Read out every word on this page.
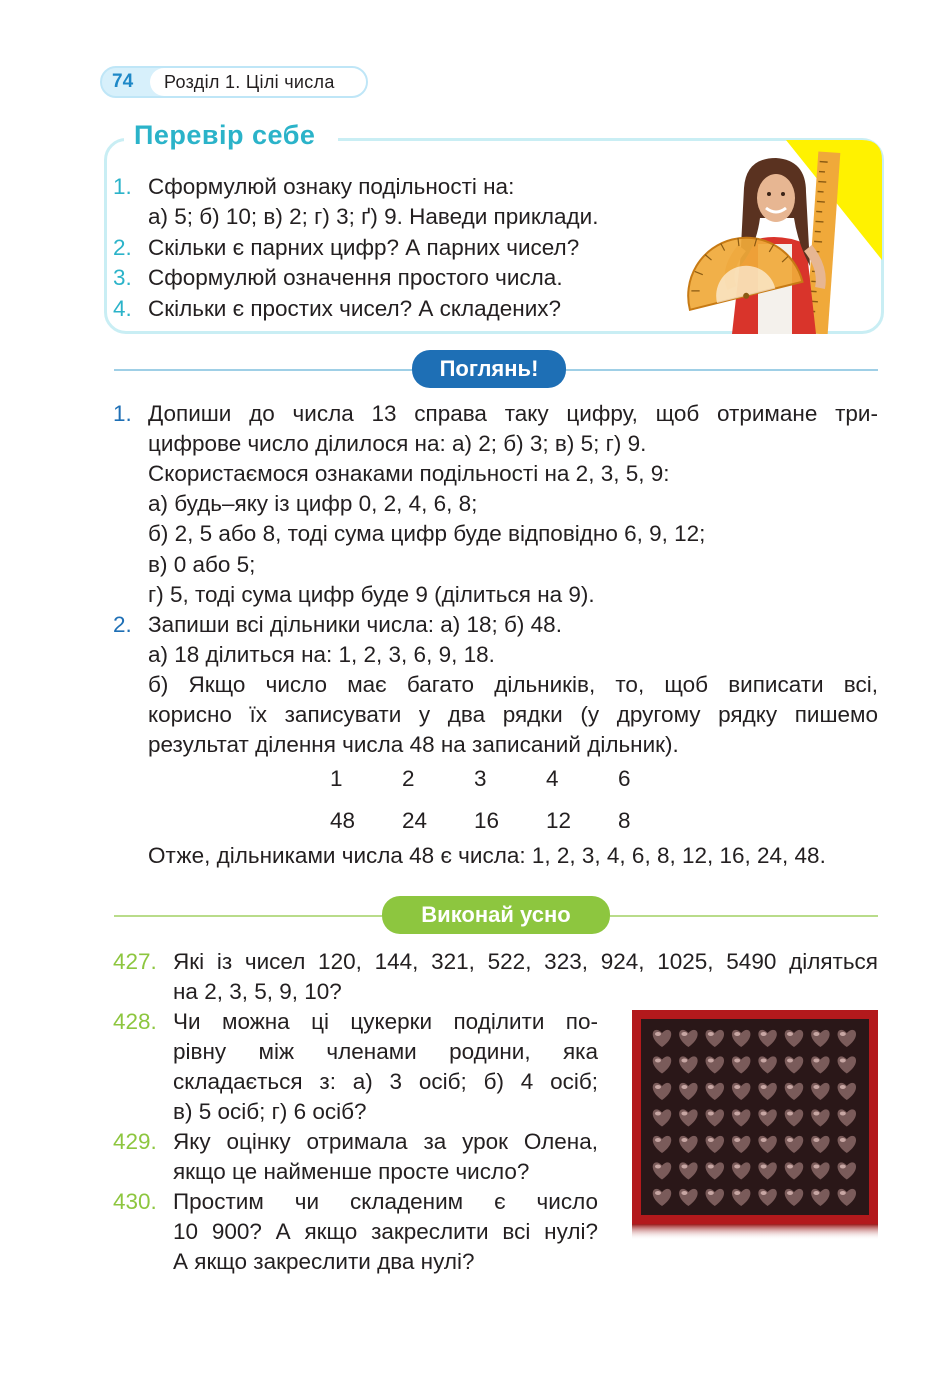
74 Розділ 1. Цілі числа
Перевір себе
1. Сформулюй ознаку подільності на:
а) 5; б) 10; в) 2; г) 3; ґ) 9. Наведи приклади.
2. Скільки є парних цифр? А парних чисел?
3. Сформулюй означення простого числа.
4. Скільки є простих чисел? А складених?
Поглянь!
1. Допиши до числа 13 справа таку цифру, щоб отримане три-
цифрове число ділилося на: а) 2; б) 3; в) 5; г) 9.
Скористаємося ознаками подільності на 2, 3, 5, 9:
а) будь–яку із цифр 0, 2, 4, 6, 8;
б) 2, 5 або 8, тоді сума цифр буде відповідно 6, 9, 12;
в) 0 або 5;
г) 5, тоді сума цифр буде 9 (ділиться на 9).
2. Запиши всі дільники числа: а) 18; б) 48.
а) 18 ділиться на: 1, 2, 3, 6, 9, 18.
б) Якщо число має багато дільників, то, щоб виписати всі,
корисно їх записувати у два рядки (у другому рядку пишемо
результат ділення числа 48 на записаний дільник).
1	2	3	4	6
48 24 16 12 8
Отже, дільниками числа 48 є числа: 1, 2, 3, 4, 6, 8, 12, 16, 24, 48.
Виконай усно
427. Які із чисел 120, 144, 321, 522, 323, 924, 1025, 5490 діляться
на 2, 3, 5, 9, 10?
428. Чи можна ці цукерки поділити по-
рівну між членами родини, яка
складається з: а) 3 осіб; б) 4 осіб;
в) 5 осіб; г) 6 осіб?
429. Яку оцінку отримала за урок Олена,
якщо це найменше просте число?
430. Простим чи складеним є число
10 900? А якщо закреслити всі нулі?
А якщо закреслити два нулі?
